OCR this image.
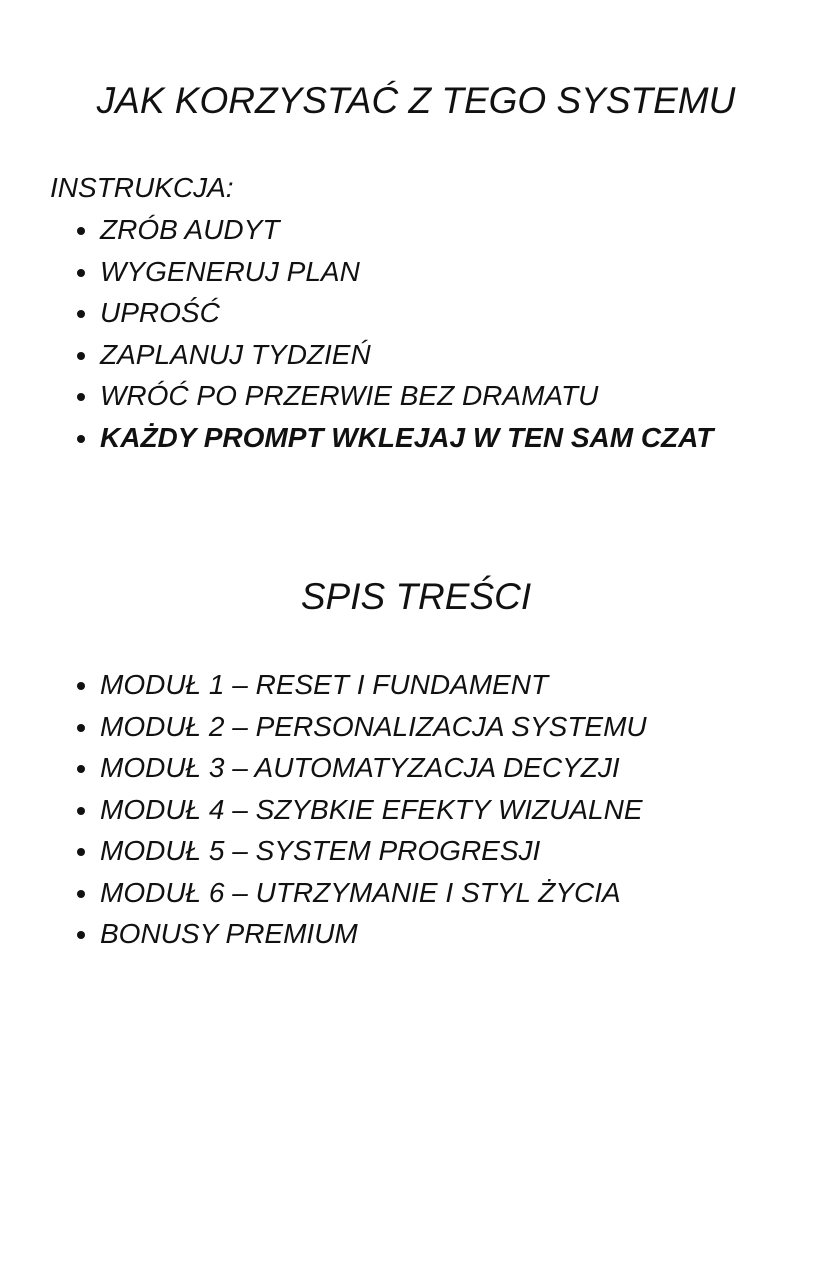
JAK KORZYSTAĆ Z TEGO SYSTEMU
INSTRUKCJA:
ZRÓB AUDYT
WYGENERUJ PLAN
UPROŚĆ
ZAPLANUJ TYDZIEŃ
WRÓĆ PO PRZERWIE BEZ DRAMATU
KAŻDY PROMPT WKLEJAJ W TEN SAM CZAT
SPIS TREŚCI
MODUŁ 1 – RESET I FUNDAMENT
MODUŁ 2 – PERSONALIZACJA SYSTEMU
MODUŁ 3 – AUTOMATYZACJA DECYZJI
MODUŁ 4 – SZYBKIE EFEKTY WIZUALNE
MODUŁ 5 – SYSTEM PROGRESJI
MODUŁ 6 – UTRZYMANIE I STYL ŻYCIA
BONUSY PREMIUM
